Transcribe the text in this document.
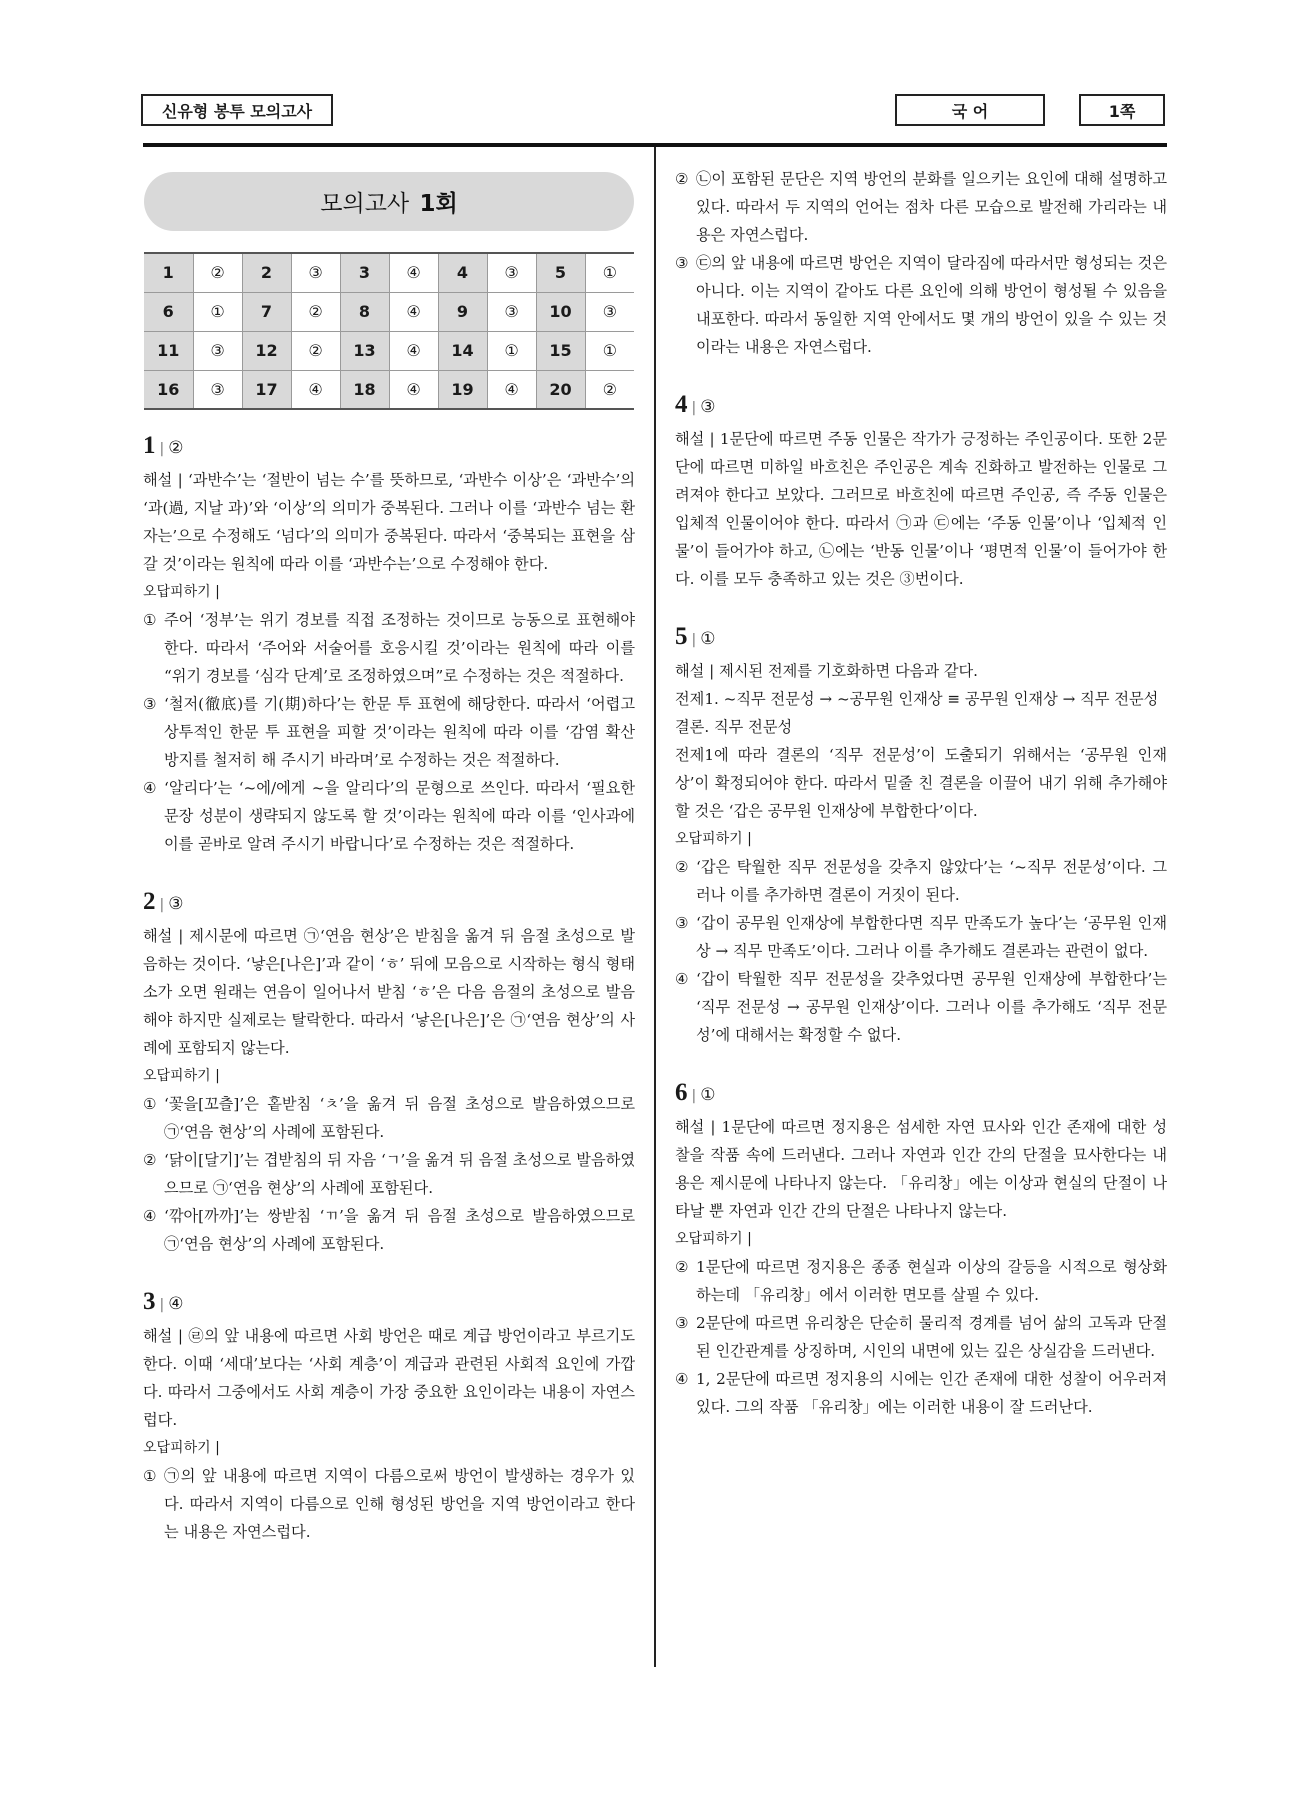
신유형 봉투 모의고사	국 어	1쪽
모의고사
1회
1	②	2	③	3	④	4	③	5	①
6	①	7	②	8	④	9	③	10	③
11	③	12	②	13	④	14	①	15	①
16	③	17	④	18	④	19	④	20	②
1 | ②
해설 | ‘과반수’는 ‘절반이 넘는 수’를 뜻하므로, ‘과반수 이상’은 ‘과반수’의 ‘과(過, 지날 과)’와 ‘이상’의 의미가 중복된다. 그러나 이를 ‘과반수 넘는 환자는’으로 수정해도 ‘넘다’의 의미가 중복된다. 따라서 ‘중복되는 표현을 삼갈 것’이라는 원칙에 따라 이를 ‘과반수는’으로 수정해야 한다.
오답피하기 |
① 주어 ‘정부’는 위기 경보를 직접 조정하는 것이므로 능동으로 표현해야 한다. 따라서 ‘주어와 서술어를 호응시킬 것’이라는 원칙에 따라 이를 “위기 경보를 ‘심각 단계’로 조정하였으며”로 수정하는 것은 적절하다.
③ ‘철저(徹底)를 기(期)하다’는 한문 투 표현에 해당한다. 따라서 ‘어렵고 상투적인 한문 투 표현을 피할 것’이라는 원칙에 따라 이를 ‘감염 확산 방지를 철저히 해 주시기 바라며’로 수정하는 것은 적절하다.
④ ‘알리다’는 ‘~에/에게 ~을 알리다’의 문형으로 쓰인다. 따라서 ‘필요한 문장 성분이 생략되지 않도록 할 것’이라는 원칙에 따라 이를 ‘인사과에 이를 곧바로 알려 주시기 바랍니다’로 수정하는 것은 적절하다.
2 | ③
해설 | 제시문에 따르면 ㉠‘연음 현상’은 받침을 옮겨 뒤 음절 초성으로 발음하는 것이다. ‘낳은[나은]’과 같이 ‘ㅎ’ 뒤에 모음으로 시작하는 형식 형태소가 오면 원래는 연음이 일어나서 받침 ‘ㅎ’은 다음 음절의 초성으로 발음해야 하지만 실제로는 탈락한다. 따라서 ‘낳은[나은]’은 ㉠‘연음 현상’의 사례에 포함되지 않는다.
오답피하기 |
① ‘꽃을[꼬츨]’은 홑받침 ‘ㅊ’을 옮겨 뒤 음절 초성으로 발음하였으므로 ㉠‘연음 현상’의 사례에 포함된다.
② ‘닭이[달기]’는 겹받침의 뒤 자음 ‘ㄱ’을 옮겨 뒤 음절 초성으로 발음하였으므로 ㉠‘연음 현상’의 사례에 포함된다.
④ ‘깎아[까까]’는 쌍받침 ‘ㄲ’을 옮겨 뒤 음절 초성으로 발음하였으므로 ㉠‘연음 현상’의 사례에 포함된다.
3 | ④
해설 | ㉣의 앞 내용에 따르면 사회 방언은 때로 계급 방언이라고 부르기도 한다. 이때 ‘세대’보다는 ‘사회 계층’이 계급과 관련된 사회적 요인에 가깝다. 따라서 그중에서도 사회 계층이 가장 중요한 요인이라는 내용이 자연스럽다.
오답피하기 |
① ㉠의 앞 내용에 따르면 지역이 다름으로써 방언이 발생하는 경우가 있다. 따라서 지역이 다름으로 인해 형성된 방언을 지역 방언이라고 한다는 내용은 자연스럽다.
② ㉡이 포함된 문단은 지역 방언의 분화를 일으키는 요인에 대해 설명하고 있다. 따라서 두 지역의 언어는 점차 다른 모습으로 발전해 가리라는 내용은 자연스럽다.
③ ㉢의 앞 내용에 따르면 방언은 지역이 달라짐에 따라서만 형성되는 것은 아니다. 이는 지역이 같아도 다른 요인에 의해 방언이 형성될 수 있음을 내포한다. 따라서 동일한 지역 안에서도 몇 개의 방언이 있을 수 있는 것이라는 내용은 자연스럽다.
4 | ③
해설 | 1문단에 따르면 주동 인물은 작가가 긍정하는 주인공이다. 또한 2문단에 따르면 미하일 바흐친은 주인공은 계속 진화하고 발전하는 인물로 그려져야 한다고 보았다. 그러므로 바흐친에 따르면 주인공, 즉 주동 인물은 입체적 인물이어야 한다. 따라서 ㉠과 ㉢에는 ‘주동 인물’이나 ‘입체적 인물’이 들어가야 하고, ㉡에는 ‘반동 인물’이나 ‘평면적 인물’이 들어가야 한다. 이를 모두 충족하고 있는 것은 ③번이다.
5 | ①
해설 | 제시된 전제를 기호화하면 다음과 같다.
전제1. ~직무 전문성 → ~공무원 인재상 ≡ 공무원 인재상 → 직무 전문성
결론. 직무 전문성
전제1에 따라 결론의 ‘직무 전문성’이 도출되기 위해서는 ‘공무원 인재상’이 확정되어야 한다. 따라서 밑줄 친 결론을 이끌어 내기 위해 추가해야 할 것은 ‘갑은 공무원 인재상에 부합한다’이다.
오답피하기 |
② ‘갑은 탁월한 직무 전문성을 갖추지 않았다’는 ‘~직무 전문성’이다. 그러나 이를 추가하면 결론이 거짓이 된다.
③ ‘갑이 공무원 인재상에 부합한다면 직무 만족도가 높다’는 ‘공무원 인재상 → 직무 만족도’이다. 그러나 이를 추가해도 결론과는 관련이 없다.
④ ‘갑이 탁월한 직무 전문성을 갖추었다면 공무원 인재상에 부합한다’는 ‘직무 전문성 → 공무원 인재상’이다. 그러나 이를 추가해도 ‘직무 전문성’에 대해서는 확정할 수 없다.
6 | ①
해설 | 1문단에 따르면 정지용은 섬세한 자연 묘사와 인간 존재에 대한 성찰을 작품 속에 드러낸다. 그러나 자연과 인간 간의 단절을 묘사한다는 내용은 제시문에 나타나지 않는다. 「유리창」에는 이상과 현실의 단절이 나타날 뿐 자연과 인간 간의 단절은 나타나지 않는다.
오답피하기 |
② 1문단에 따르면 정지용은 종종 현실과 이상의 갈등을 시적으로 형상화하는데 「유리창」에서 이러한 면모를 살필 수 있다.
③ 2문단에 따르면 유리창은 단순히 물리적 경계를 넘어 삶의 고독과 단절된 인간관계를 상징하며, 시인의 내면에 있는 깊은 상실감을 드러낸다.
④ 1, 2문단에 따르면 정지용의 시에는 인간 존재에 대한 성찰이 어우러져 있다. 그의 작품 「유리창」에는 이러한 내용이 잘 드러난다.
